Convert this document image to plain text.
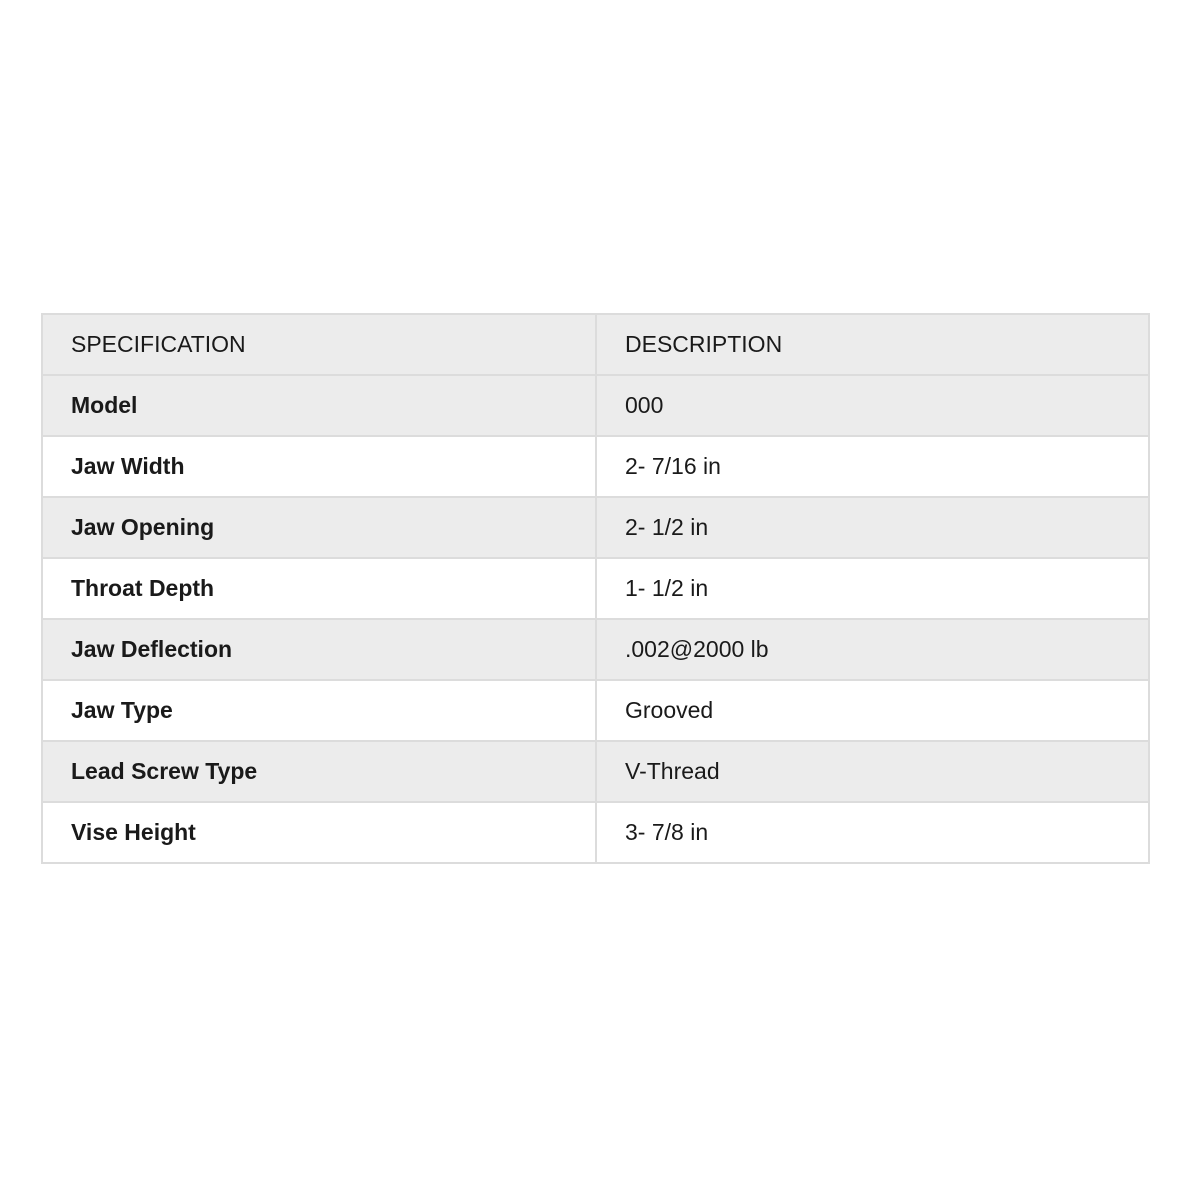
SPECIFICATION	DESCRIPTION
Model	000
Jaw Width	2- 7/16 in
Jaw Opening	2- 1/2 in
Throat Depth	1- 1/2 in
Jaw Deflection	.002@2000 lb
Jaw Type	Grooved
Lead Screw Type	V-Thread
Vise Height	3- 7/8 in
